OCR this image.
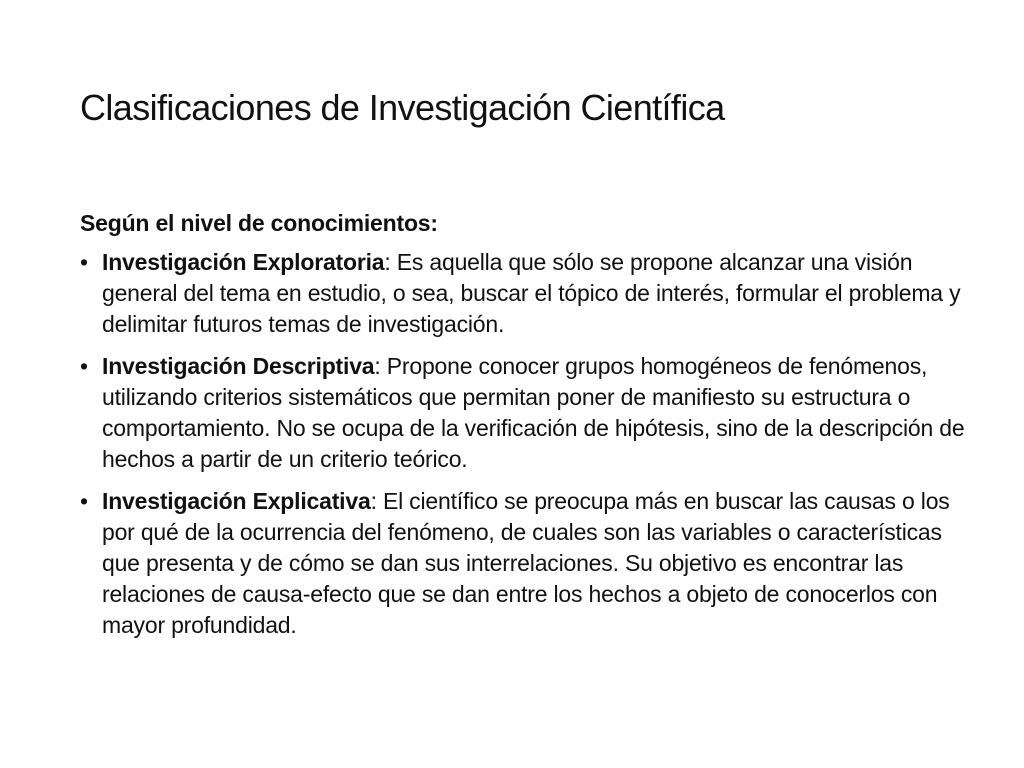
Clasificaciones de Investigación Científica

Según el nivel de conocimientos:

• Investigación Exploratoria: Es aquella que sólo se propone alcanzar una visión general del tema en estudio, o sea, buscar el tópico de interés, formular el problema y delimitar futuros temas de investigación.
• Investigación Descriptiva: Propone conocer grupos homogéneos de fenómenos, utilizando criterios sistemáticos que permitan poner de manifiesto su estructura o comportamiento. No se ocupa de la verificación de hipótesis, sino de la descripción de hechos a partir de un criterio teórico.
• Investigación Explicativa: El científico se preocupa más en buscar las causas o los por qué de la ocurrencia del fenómeno, de cuales son las variables o características que presenta y de cómo se dan sus interrelaciones. Su objetivo es encontrar las relaciones de causa-efecto que se dan entre los hechos a objeto de conocerlos con mayor profundidad.
